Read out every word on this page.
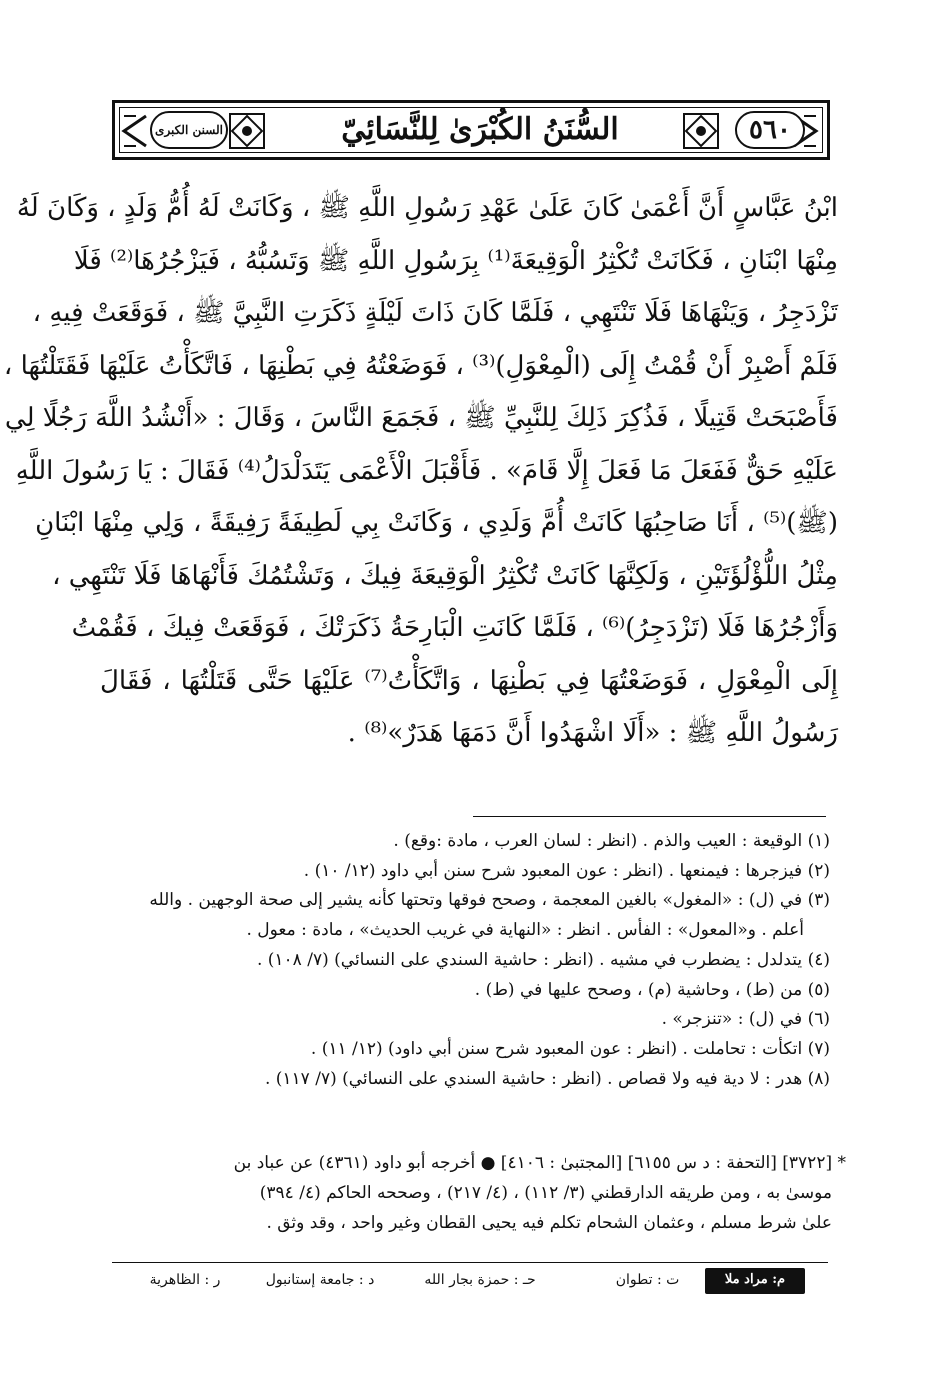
٥٦٠
السنن الكبرى	السُّنَنُ الكُبْرَىٰ لِلنَّسَائِيّ
ابْنُ عَبَّاسٍ أَنَّ أَعْمَىٰ كَانَ عَلَىٰ عَهْدِ رَسُولِ اللَّهِ ﷺ ، وَكَانَتْ لَهُ أُمُّ وَلَدٍ ، وَكَانَ لَهُ
مِنْهَا ابْنَانِ ، فَكَانَتْ تُكْثِرُ الْوَقِيعَةَ⁽¹⁾ بِرَسُولِ اللَّهِ ﷺ وَتَسُبُّهُ ، فَيَزْجُرُهَا⁽²⁾ فَلَا
تَزْدَجِرُ ، وَيَنْهَاهَا فَلَا تَنْتَهِي ، فَلَمَّا كَانَ ذَاتَ لَيْلَةٍ ذَكَرَتِ النَّبِيَّ ﷺ ، فَوَقَعَتْ فِيهِ ،
فَلَمْ أَصْبِرْ أَنْ قُمْتُ إِلَى (الْمِعْوَلِ)⁽³⁾ ، فَوَضَعْتُهُ فِي بَطْنِهَا ، فَاتَّكَأْتُ عَلَيْهَا فَقَتَلْتُهَا ،
فَأَصْبَحَتْ قَتِيلًا ، فَذُكِرَ ذَلِكَ لِلنَّبِيِّ ﷺ ، فَجَمَعَ النَّاسَ ، وَقَالَ : «أَنْشُدُ اللَّهَ رَجُلًا لِي
عَلَيْهِ حَقٌّ فَفَعَلَ مَا فَعَلَ إِلَّا قَامَ» . فَأَقْبَلَ الْأَعْمَى يَتَدَلْدَلُ⁽⁴⁾ فَقَالَ : يَا رَسُولَ اللَّهِ
(ﷺ)⁽⁵⁾ ، أَنَا صَاحِبُهَا كَانَتْ أُمَّ وَلَدِي ، وَكَانَتْ بِي لَطِيفَةً رَفِيقَةً ، وَلِي مِنْهَا ابْنَانِ
مِثْلُ اللُّؤْلُؤَتَيْنِ ، وَلَكِنَّهَا كَانَتْ تُكْثِرُ الْوَقِيعَةَ فِيكَ ، وَتَشْتُمُكَ فَأَنْهَاهَا فَلَا تَنْتَهِي ،
وَأَزْجُرُهَا فَلَا (تَزْدَجِرُ)⁽⁶⁾ ، فَلَمَّا كَانَتِ الْبَارِحَةُ ذَكَرَتْكَ ، فَوَقَعَتْ فِيكَ ، فَقُمْتُ
إِلَى الْمِعْوَلِ ، فَوَضَعْتُهَا فِي بَطْنِهَا ، وَاتَّكَأْتُ⁽⁷⁾ عَلَيْهَا حَتَّى قَتَلْتُهَا ، فَقَالَ
رَسُولُ اللَّهِ ﷺ : «أَلَا اشْهَدُوا أَنَّ دَمَهَا هَدَرٌ»⁽⁸⁾ .
(١) الوقيعة : العيب والذم . (انظر : لسان العرب ، مادة :وقع) .
(٢) فيزجرها : فيمنعها . (انظر : عون المعبود شرح سنن أبي داود (١٢/ ١٠) .
(٣) في (ل) : «المغول» بالغين المعجمة ، وصحح فوقها وتحتها كأنه يشير إلى صحة الوجهين . والله
أعلم . و«المعول» : الفأس . انظر : «النهاية في غريب الحديث» ، مادة : معول .
(٤) يتدلدل : يضطرب في مشيه . (انظر : حاشية السندي على النسائي) (٧/ ١٠٨) .
(٥) من (ط) ، وحاشية (م) ، وصحح عليها في (ط) .
(٦) في (ل) : «تنزجر» .
(٧) اتكأت : تحاملت . (انظر : عون المعبود شرح سنن أبي داود) (١٢/ ١١) .
(٨) هدر : لا دية فيه ولا قصاص . (انظر : حاشية السندي على النسائي) (٧/ ١١٧) .
* [٣٧٢٢] [التحفة : د س ٦١٥٥] [المجتبىٰ : ٤١٠٦] ● أخرجه أبو داود (٤٣٦١) عن عباد بن
موسىٰ به ، ومن طريقه الدارقطني (٣/ ١١٢) ، (٤/ ٢١٧) ، وصححه الحاكم (٤/ ٣٩٤)
علىٰ شرط مسلم ، وعثمان الشحام تكلم فيه يحيى القطان وغير واحد ، وقد وثق .
م: مراد ملا
ت : تطوان
حـ : حمزة بجار الله
د : جامعة إستانبول
ر : الظاهرية
